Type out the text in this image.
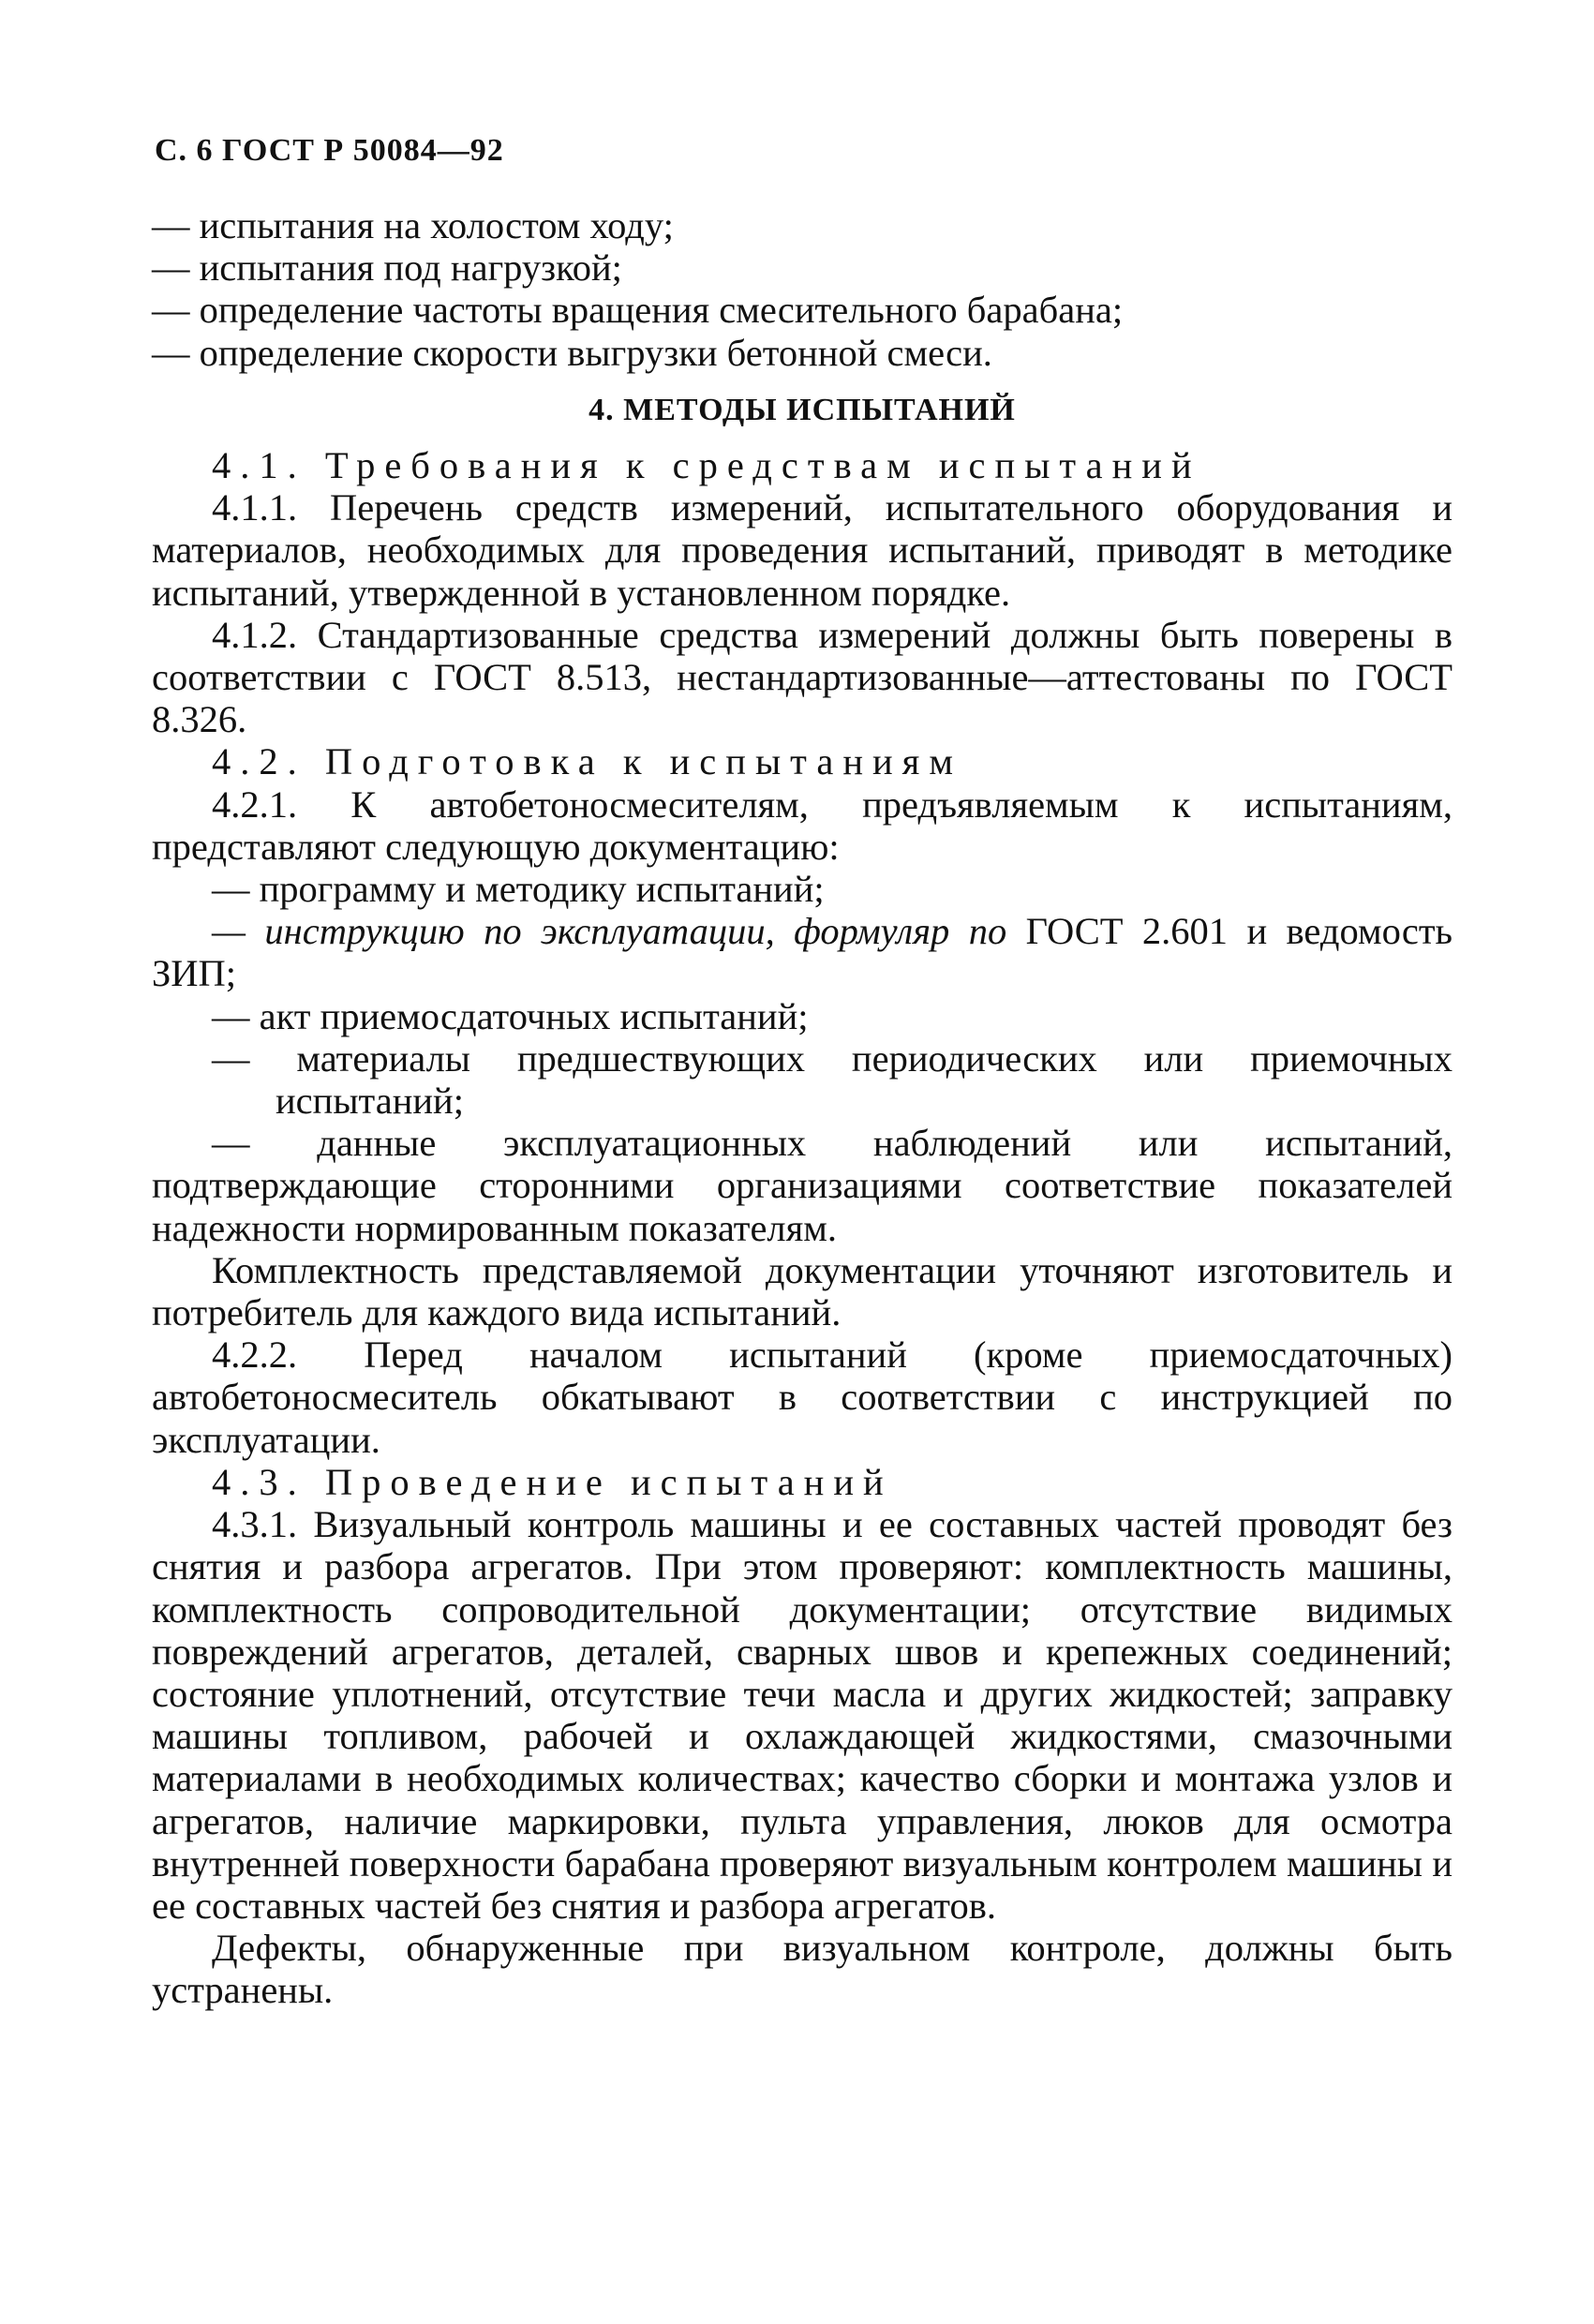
С. 6 ГОСТ Р 50084—92

— испытания на холостом ходу;

— испытания под нагрузкой;

— определение частоты вращения смесительного барабана;

— определение скорости выгрузки бетонной смеси.

4. МЕТОДЫ ИСПЫТАНИЙ

4.1. Требования к средствам испытаний

4.1.1. Перечень средств измерений, испытательного оборудования и материалов, необходимых для проведения испытаний, приводят в методике испытаний, утвержденной в установленном порядке.

4.1.2. Стандартизованные средства измерений должны быть поверены в соответствии с ГОСТ 8.513, нестандартизованные—аттестованы по ГОСТ 8.326.

4.2. Подготовка к испытаниям

4.2.1. К автобетоносмесителям, предъявляемым к испытаниям, представляют следующую документацию:

— программу и методику испытаний;

— инструкцию по эксплуатации, формуляр по ГОСТ 2.601 и ведомость ЗИП;

— акт приемосдаточных испытаний;

— материалы предшествующих периодических или приемочных испытаний;

— данные эксплуатационных наблюдений или испытаний, подтверждающие сторонними организациями соответствие показателей надежности нормированным показателям.

Комплектность представляемой документации уточняют изготовитель и потребитель для каждого вида испытаний.

4.2.2. Перед началом испытаний (кроме приемосдаточных) автобетоносмеситель обкатывают в соответствии с инструкцией по эксплуатации.

4.3. Проведение испытаний

4.3.1. Визуальный контроль машины и ее составных частей проводят без снятия и разбора агрегатов. При этом проверяют: комплектность машины, комплектность сопроводительной документации; отсутствие видимых повреждений агрегатов, деталей, сварных швов и крепежных соединений; состояние уплотнений, отсутствие течи масла и других жидкостей; заправку машины топливом, рабочей и охлаждающей жидкостями, смазочными материалами в необходимых количествах; качество сборки и монтажа узлов и агрегатов, наличие маркировки, пульта управления, люков для осмотра внутренней поверхности барабана проверяют визуальным контролем машины и ее составных частей без снятия и разбора агрегатов.

Дефекты, обнаруженные при визуальном контроле, должны быть устранены.
